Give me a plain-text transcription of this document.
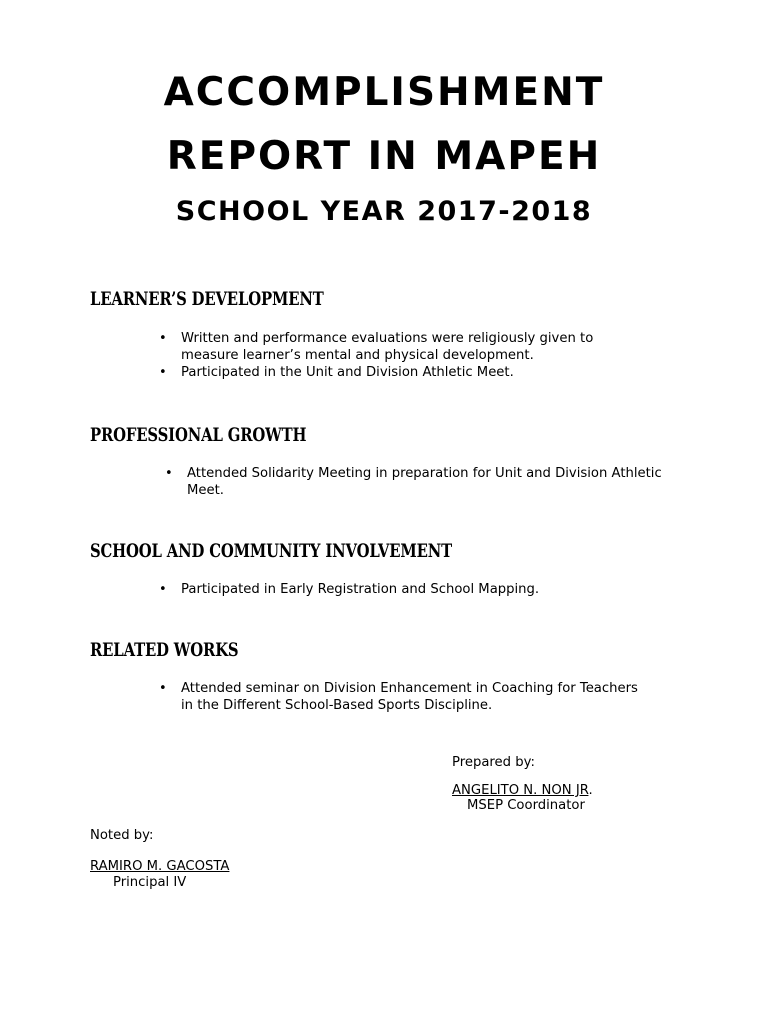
ACCOMPLISHMENT
REPORT IN MAPEH
SCHOOL YEAR 2017-2018
LEARNER’S DEVELOPMENT
• Written and performance evaluations were religiously given to measure learner’s mental and physical development.
• Participated in the Unit and Division Athletic Meet.
PROFESSIONAL GROWTH
• Attended Solidarity Meeting in preparation for Unit and Division Athletic Meet.
SCHOOL AND COMMUNITY INVOLVEMENT
• Participated in Early Registration and School Mapping.
RELATED WORKS
• Attended seminar on Division Enhancement in Coaching for Teachers in the Different School-Based Sports Discipline.

Prepared by:

ANGELITO N. NON JR.

MSEP Coordinator

Noted by:

RAMIRO M. GACOSTA

Principal IV
